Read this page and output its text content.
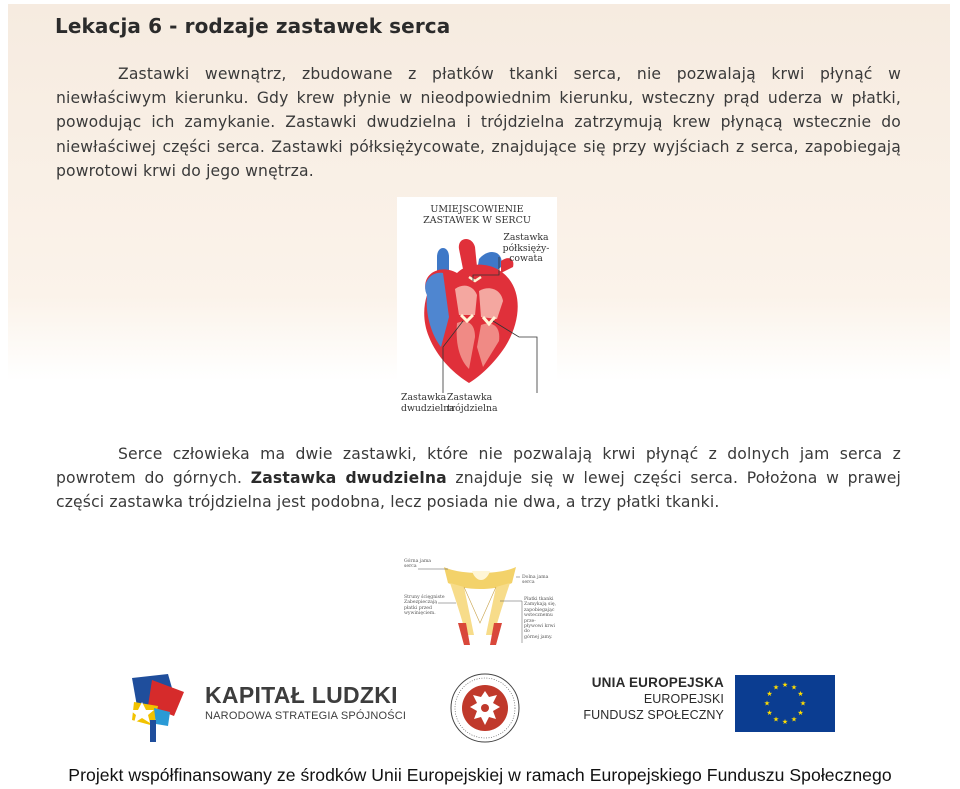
Lekacja 6 - rodzaje zastawek serca
Zastawki wewnątrz, zbudowane z płatków tkanki serca, nie pozwalają krwi płynąć w niewłaściwym kierunku. Gdy krew płynie w nieodpowiednim kierunku, wsteczny prąd uderza w płatki, powodując ich zamykanie. Zastawki dwudzielna i trójdzielna zatrzymują krew płynącą wstecznie do niewłaściwej części serca. Zastawki półksiężycowate, znajdujące się przy wyjściach z serca, zapobiegają powrotowi krwi do jego wnętrza.
UMIEJSCOWIENIE
ZASTAWEK W SERCU
Zastawka
półksięży-
cowata
Zastawka
dwudzielna
Zastawka
trójdzielna
Serce człowieka ma dwie zastawki, które nie pozwalają krwi płynąć z dolnych jam serca z powrotem do górnych. Zastawka dwudzielna znajduje się w lewej części serca. Położona w prawej części zastawka trójdzielna jest podobna, lecz posiada nie dwa, a trzy płatki tkanki.
Górna jama
serca
Dolna jama
serca
Struny ścięgniste
Zabezpieczają
płatki przed
wywinięciem.
Płatki tkanki
Zamykają się,
zapobiegając
wstecznemu prze-
pływowi krwi do
górnej jamy.
KAPITAŁ LUDZKI
NARODOWA STRATEGIA SPÓJNOŚCI
UNIA EUROPEJSKA
EUROPEJSKI
FUNDUSZ SPOŁECZNY
★ ★
★
★
★
★
★
★
★
★
★
★
Projekt współfinansowany ze środków Unii Europejskiej w ramach Europejskiego Funduszu Społecznego
